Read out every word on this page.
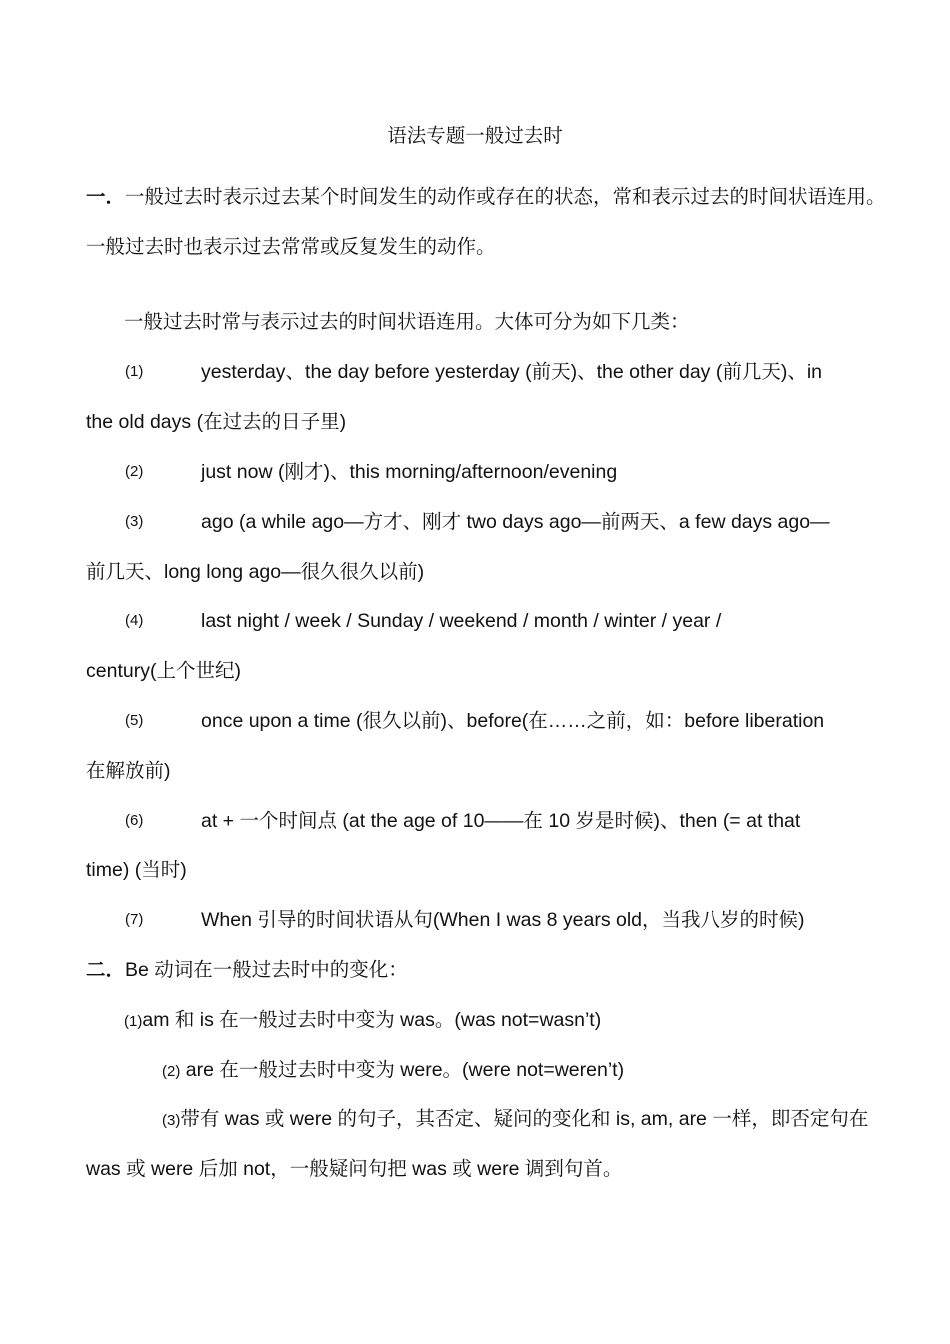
语法专题一般过去时
一．一般过去时表示过去某个时间发生的动作或存在的状态，常和表示过去的时间状语连用。
一般过去时也表示过去常常或反复发生的动作。
一般过去时常与表示过去的时间状语连用。大体可分为如下几类：
(1)	yesterday、the day before yesterday (前天)、the other day (前几天)、in
the old days (在过去的日子里)
(2)	just now (刚才)、this morning/afternoon/evening
(3)	ago (a while ago—方才、刚才 two days ago—前两天、a few days ago—
前几天、long long ago—很久很久以前)
(4)	last night / week / Sunday / weekend / month / winter / year /
century(上个世纪)
(5)	once upon a time (很久以前)、before(在……之前，如：before liberation
在解放前)
(6)	at + 一个时间点 (at the age of 10——在 10 岁是时候)、then (= at that
time) (当时)
(7)	When 引导的时间状语从句(When I was 8 years old，当我八岁的时候)
二．Be 动词在一般过去时中的变化：
(1)am 和 is 在一般过去时中变为 was。(was not=wasn’t)
(2) are 在一般过去时中变为 were。(were not=weren’t)
(3)带有 was 或 were 的句子，其否定、疑问的变化和 is, am, are 一样，即否定句在
was 或 were 后加 not，一般疑问句把 was 或 were 调到句首。
